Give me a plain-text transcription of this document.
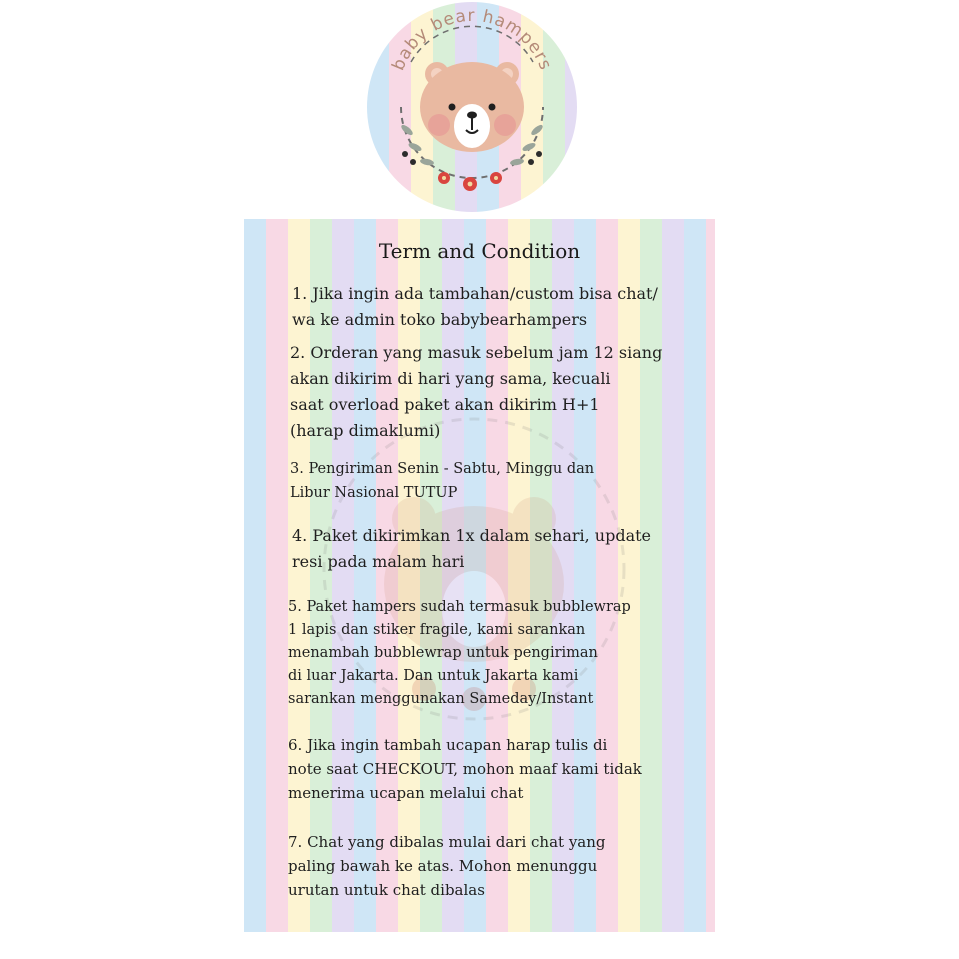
baby bear hampers
Term and Condition
1. Jika ingin ada tambahan/custom bisa chat/
wa ke admin toko babybearhampers
2. Orderan yang masuk sebelum jam 12 siang
akan dikirim di hari yang sama, kecuali
saat overload paket akan dikirim H+1
(harap dimaklumi)
3. Pengiriman Senin - Sabtu, Minggu dan
Libur Nasional TUTUP
4. Paket dikirimkan 1x dalam sehari, update
resi pada malam hari
5. Paket hampers sudah termasuk bubblewrap
1 lapis dan stiker fragile, kami sarankan
menambah bubblewrap untuk pengiriman
di luar Jakarta. Dan untuk Jakarta kami
sarankan menggunakan Sameday/Instant
6. Jika ingin tambah ucapan harap tulis di
note saat CHECKOUT, mohon maaf kami tidak
menerima ucapan melalui chat
7. Chat yang dibalas mulai dari chat yang
paling bawah ke atas. Mohon menunggu
urutan untuk chat dibalas
